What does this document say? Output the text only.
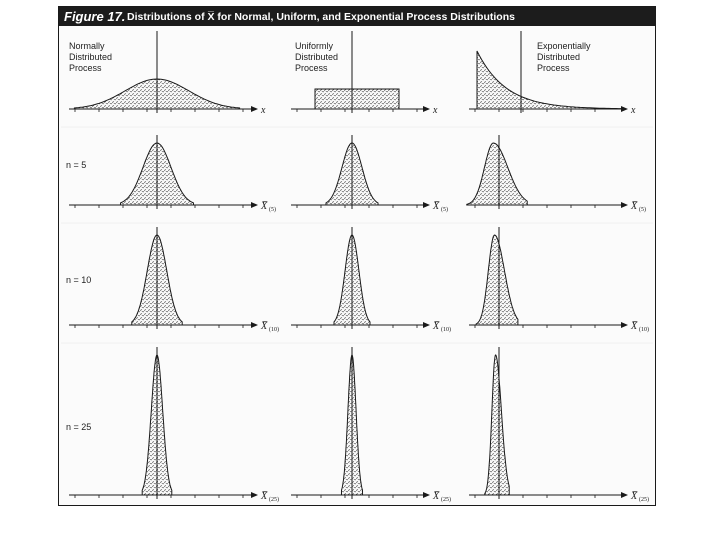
Figure 17. Distributions of X̅ for Normal, Uniform, and Exponential Process Distributions
x	x	x
X̅ (5)	X̅ (5)	X̅ (5)
X̅ (10)	X̅ (10)	X̅ (10)
X̅ (25)	X̅ (25)	X̅ (25)
Normally
Distributed
Process
Uniformly
Distributed
Process
Exponentially
Distributed
Process
n = 5
n = 10
n = 25
